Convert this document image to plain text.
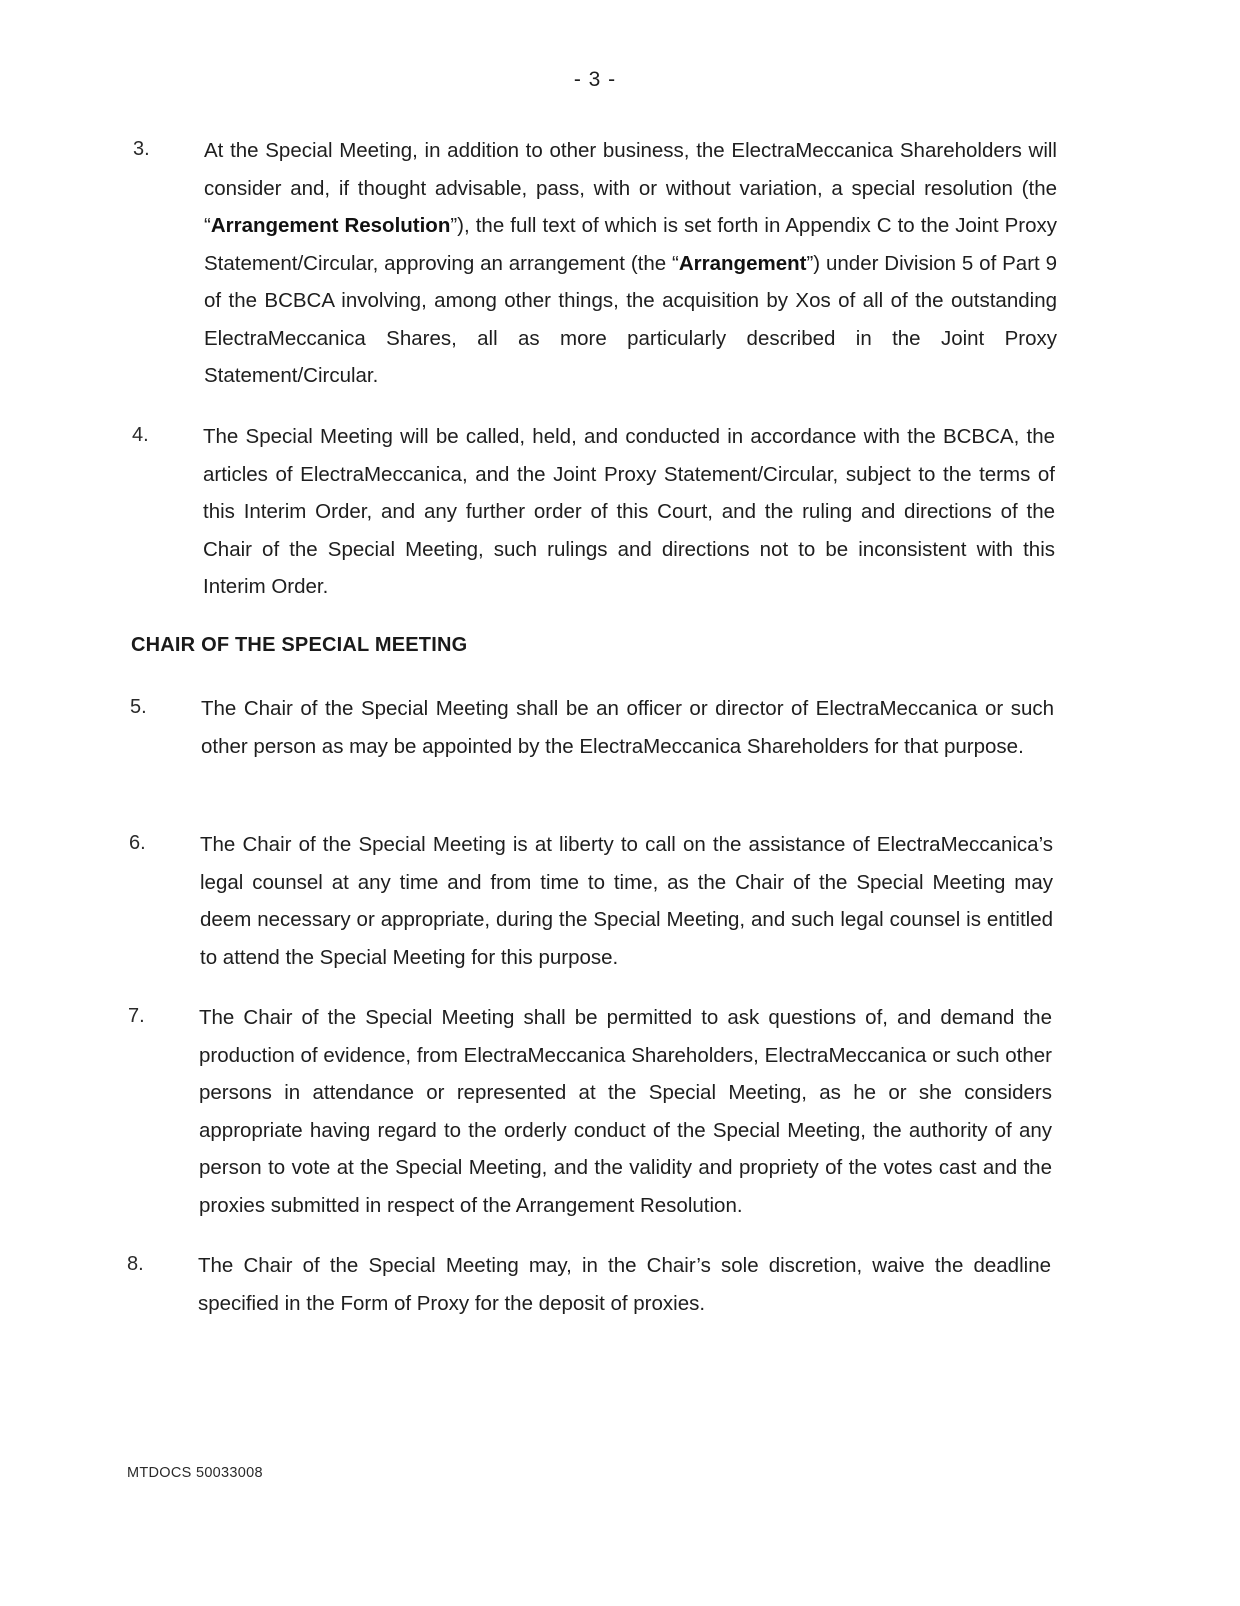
- 3 -
3.	At the Special Meeting, in addition to other business, the ElectraMeccanica Shareholders will consider and, if thought advisable, pass, with or without variation, a special resolution (the “Arrangement Resolution”), the full text of which is set forth in Appendix C to the Joint Proxy Statement/Circular, approving an arrangement (the “Arrangement”) under Division 5 of Part 9 of the BCBCA involving, among other things, the acquisition by Xos of all of the outstanding ElectraMeccanica Shares, all as more particularly described in the Joint Proxy Statement/Circular.
4.	The Special Meeting will be called, held, and conducted in accordance with the BCBCA, the articles of ElectraMeccanica, and the Joint Proxy Statement/Circular, subject to the terms of this Interim Order, and any further order of this Court, and the ruling and directions of the Chair of the Special Meeting, such rulings and directions not to be inconsistent with this Interim Order.
CHAIR OF THE SPECIAL MEETING
5.	The Chair of the Special Meeting shall be an officer or director of ElectraMeccanica or such other person as may be appointed by the ElectraMeccanica Shareholders for that purpose.
6.	The Chair of the Special Meeting is at liberty to call on the assistance of ElectraMeccanica’s legal counsel at any time and from time to time, as the Chair of the Special Meeting may deem necessary or appropriate, during the Special Meeting, and such legal counsel is entitled to attend the Special Meeting for this purpose.
7.	The Chair of the Special Meeting shall be permitted to ask questions of, and demand the production of evidence, from ElectraMeccanica Shareholders, ElectraMeccanica or such other persons in attendance or represented at the Special Meeting, as he or she considers appropriate having regard to the orderly conduct of the Special Meeting, the authority of any person to vote at the Special Meeting, and the validity and propriety of the votes cast and the proxies submitted in respect of the Arrangement Resolution.
8.	The Chair of the Special Meeting may, in the Chair’s sole discretion, waive the deadline specified in the Form of Proxy for the deposit of proxies.
MTDOCS 50033008
